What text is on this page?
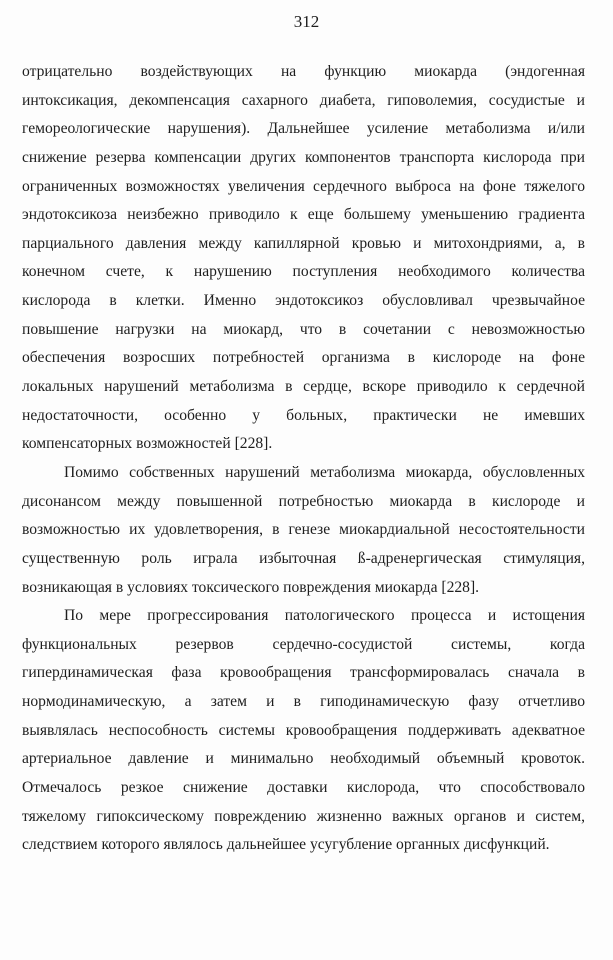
312
отрицательно воздействующих на функцию миокарда (эндогенная
интоксикация, декомпенсация сахарного диабета, гиповолемия, сосудистые и
гемореологические нарушения). Дальнейшее усиление метаболизма и/или
снижение резерва компенсации других компонентов транспорта кислорода при
ограниченных возможностях увеличения сердечного выброса на фоне тяжелого
эндотоксикоза неизбежно приводило к еще большему уменьшению градиента
парциального давления между капиллярной кровью и митохондриями, а, в
конечном счете, к нарушению поступления необходимого количества
кислорода в клетки. Именно эндотоксикоз обусловливал чрезвычайное
повышение нагрузки на миокард, что в сочетании с невозможностью
обеспечения возросших потребностей организма в кислороде на фоне
локальных нарушений метаболизма в сердце, вскоре приводило к сердечной
недостаточности, особенно у больных, практически не имевших
компенсаторных возможностей [228].
Помимо собственных нарушений метаболизма миокарда, обусловленных
дисонансом между повышенной потребностью миокарда в кислороде и
возможностью их удовлетворения, в генезе миокардиальной несостоятельности
существенную роль играла избыточная ß-адренергическая стимуляция,
возникающая в условиях токсического повреждения миокарда [228].
По мере прогрессирования патологического процесса и истощения
функциональных резервов сердечно-сосудистой системы, когда
гипердинамическая фаза кровообращения трансформировалась сначала в
нормодинамическую, а затем и в гиподинамическую фазу отчетливо
выявлялась неспособность системы кровообращения поддерживать адекватное
артериальное давление и минимально необходимый объемный кровоток.
Отмечалось резкое снижение доставки кислорода, что способствовало
тяжелому гипоксическому повреждению жизненно важных органов и систем,
следствием которого являлось дальнейшее усугубление органных дисфункций.
